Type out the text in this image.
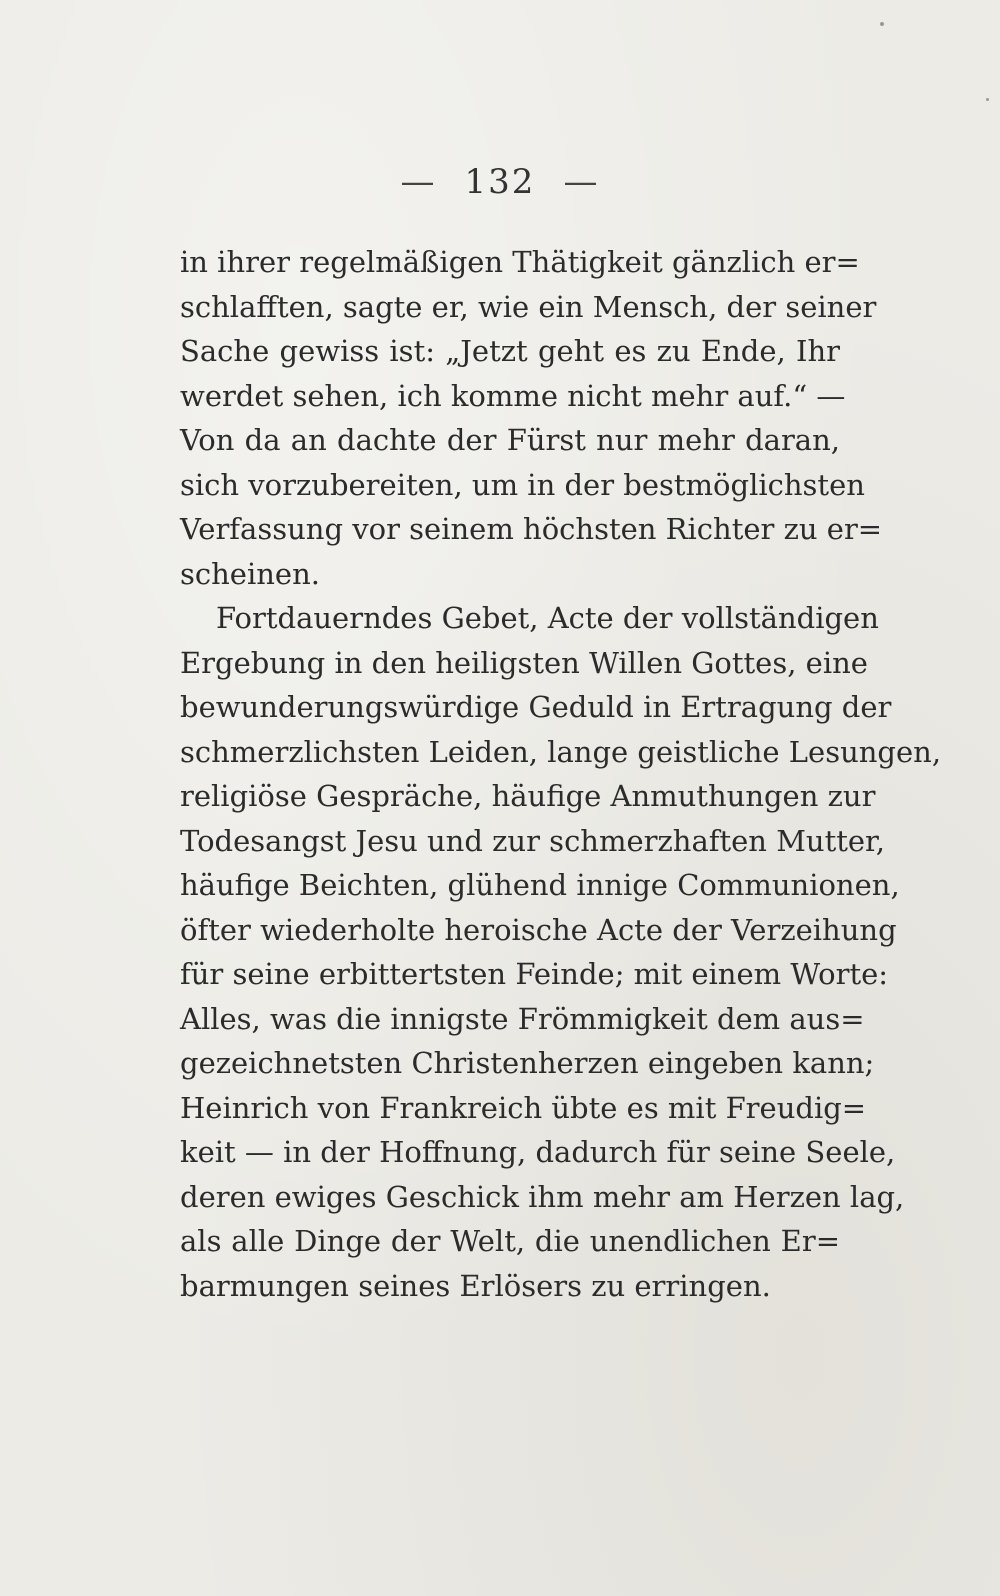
— 132 —
in ihrer regelmäßigen Thätigkeit gänzlich er=
schlafften, sagte er, wie ein Mensch, der seiner
Sache gewiss ist: „Jetzt geht es zu Ende, Ihr
werdet sehen, ich komme nicht mehr auf.“ —
Von da an dachte der Fürst nur mehr daran,
sich vorzubereiten, um in der bestmöglichsten
Verfassung vor seinem höchsten Richter zu er=
scheinen.
Fortdauerndes Gebet, Acte der vollständigen
Ergebung in den heiligsten Willen Gottes, eine
bewunderungswürdige Geduld in Ertragung der
schmerzlichsten Leiden, lange geistliche Lesungen,
religiöse Gespräche, häufige Anmuthungen zur
Todesangst Jesu und zur schmerzhaften Mutter,
häufige Beichten, glühend innige Communionen,
öfter wiederholte heroische Acte der Verzeihung
für seine erbittertsten Feinde; mit einem Worte:
Alles, was die innigste Frömmigkeit dem aus=
gezeichnetsten Christenherzen eingeben kann;
Heinrich von Frankreich übte es mit Freudig=
keit — in der Hoffnung, dadurch für seine Seele,
deren ewiges Geschick ihm mehr am Herzen lag,
als alle Dinge der Welt, die unendlichen Er=
barmungen seines Erlösers zu erringen.
